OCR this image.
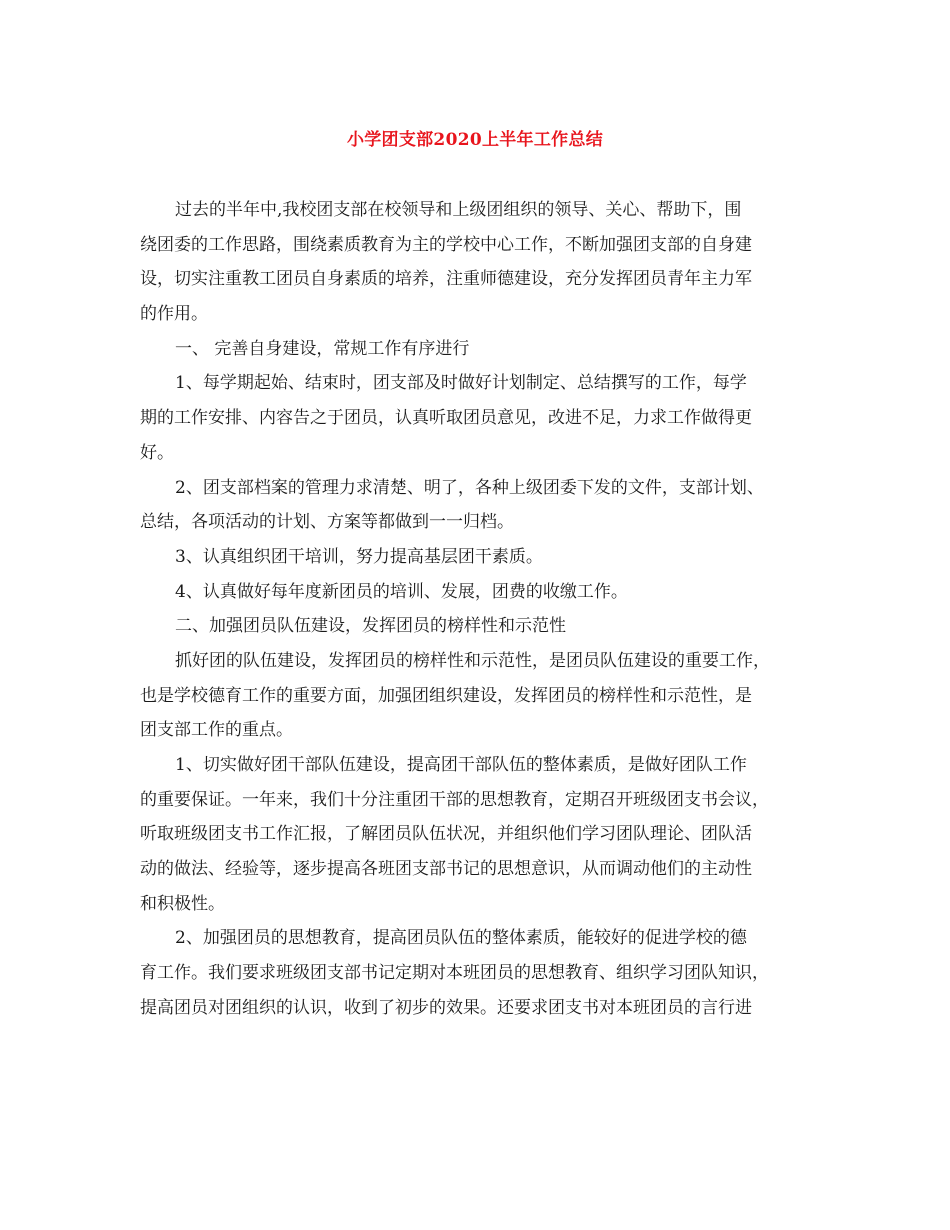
小学团支部2020上半年工作总结
过去的半年中,我校团支部在校领导和上级团组织的领导、关心、帮助下，围
绕团委的工作思路，围绕素质教育为主的学校中心工作，不断加强团支部的自身建
设，切实注重教工团员自身素质的培养，注重师德建设，充分发挥团员青年主力军
的作用。
一、 完善自身建设，常规工作有序进行
1、每学期起始、结束时，团支部及时做好计划制定、总结撰写的工作，每学
期的工作安排、内容告之于团员，认真听取团员意见，改进不足，力求工作做得更
好。
2、团支部档案的管理力求清楚、明了，各种上级团委下发的文件，支部计划、
总结，各项活动的计划、方案等都做到一一归档。
3、认真组织团干培训，努力提高基层团干素质。
4、认真做好每年度新团员的培训、发展，团费的收缴工作。
二、加强团员队伍建设，发挥团员的榜样性和示范性
抓好团的队伍建设，发挥团员的榜样性和示范性，是团员队伍建设的重要工作，
也是学校德育工作的重要方面，加强团组织建设，发挥团员的榜样性和示范性，是
团支部工作的重点。
1、切实做好团干部队伍建设，提高团干部队伍的整体素质，是做好团队工作
的重要保证。一年来，我们十分注重团干部的思想教育，定期召开班级团支书会议，
听取班级团支书工作汇报，了解团员队伍状况，并组织他们学习团队理论、团队活
动的做法、经验等，逐步提高各班团支部书记的思想意识，从而调动他们的主动性
和积极性。
2、加强团员的思想教育，提高团员队伍的整体素质，能较好的促进学校的德
育工作。我们要求班级团支部书记定期对本班团员的思想教育、组织学习团队知识，
提高团员对团组织的认识，收到了初步的效果。还要求团支书对本班团员的言行进
